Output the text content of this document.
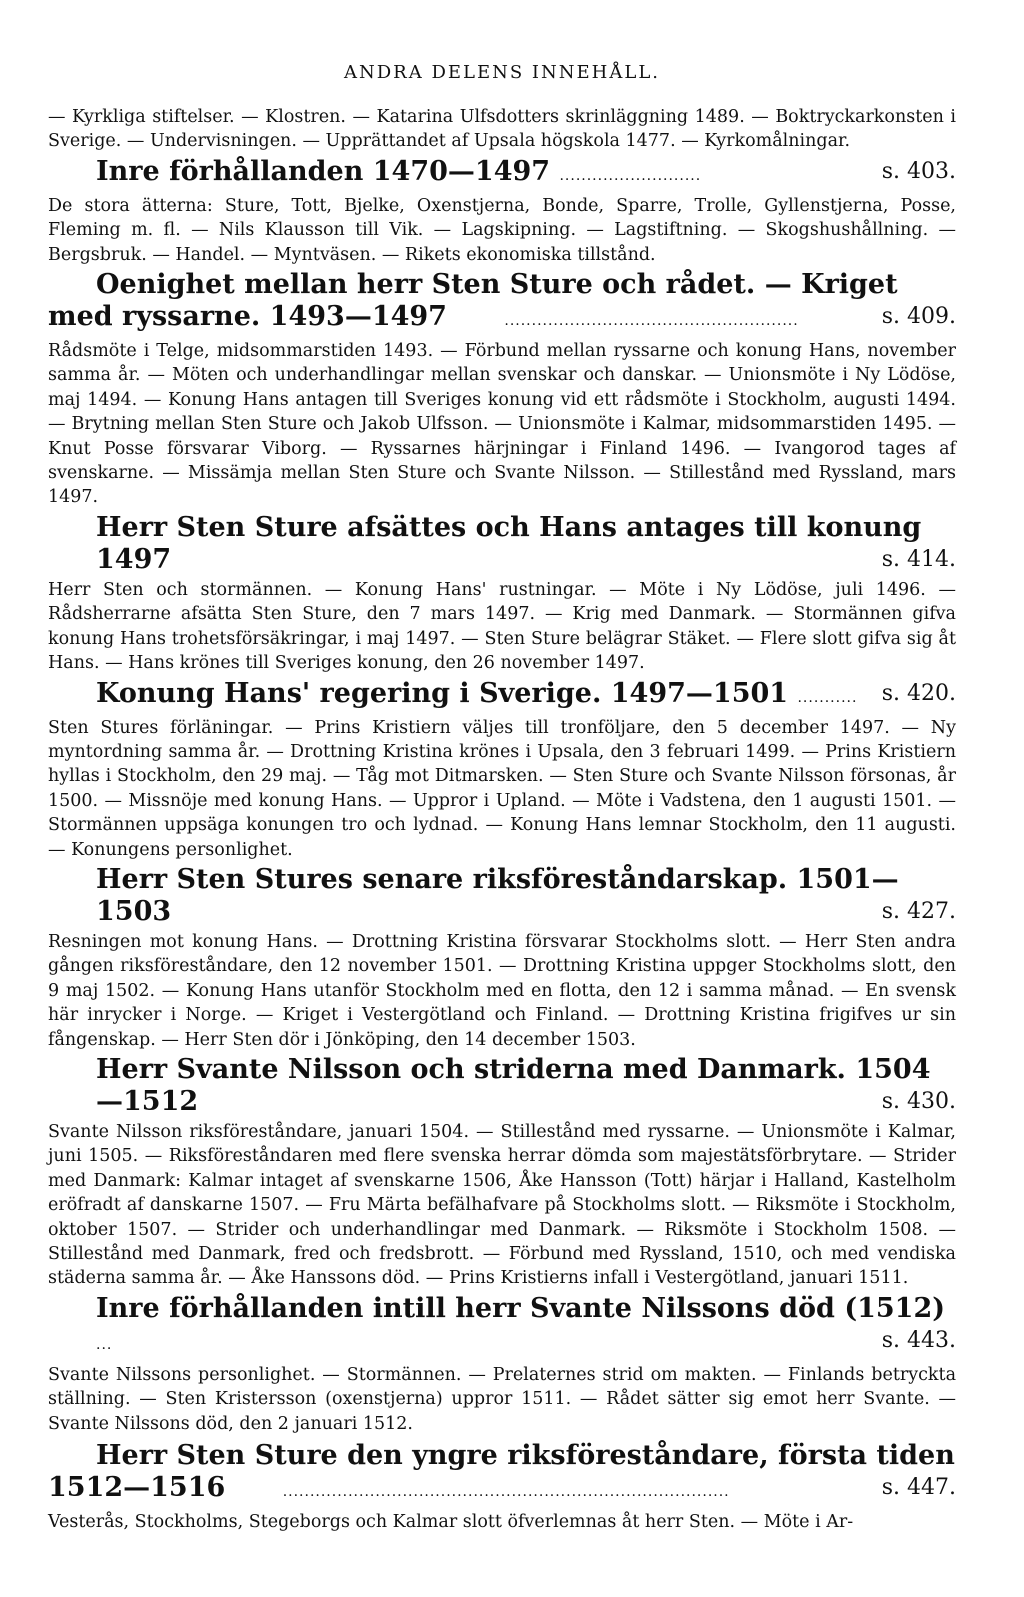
ANDRA DELENS INNEHÅLL.

— Kyrkliga stiftelser. — Klostren. — Katarina Ulfsdotters skrinläggning 1489. — Boktryckarkonsten i Sverige. — Undervisningen. — Upprättandet af Upsala högskola 1477. — Kyrkomålningar.

Inre förhållanden 1470—1497 ..........................	s. 403.

De stora ätterna: Sture, Tott, Bjelke, Oxenstjerna, Bonde, Sparre, Trolle, Gyllenstjerna, Posse, Fleming m. fl. — Nils Klausson till Vik. — Lagskipning. — Lagstiftning. — Skogshushållning. — Bergsbruk. — Handel. — Myntväsen. — Rikets ekonomiska tillstånd.

Oenighet mellan herr Sten Sture och rådet. — Kriget med ryssarne. 1493—1497	......................................................	s. 409.

Rådsmöte i Telge, midsommarstiden 1493. — Förbund mellan ryssarne och konung Hans, november samma år. — Möten och underhandlingar mellan svenskar och danskar. — Unionsmöte i Ny Lödöse, maj 1494. — Konung Hans antagen till Sveriges konung vid ett rådsmöte i Stockholm, augusti 1494. — Brytning mellan Sten Sture och Jakob Ulfsson. — Unionsmöte i Kalmar, midsommarstiden 1495. — Knut Posse försvarar Viborg. — Ryssarnes härjningar i Finland 1496. — Ivangorod tages af svenskarne. — Missämja mellan Sten Sture och Svante Nilsson. — Stillestånd med Ryssland, mars 1497.

Herr Sten Sture afsättes och Hans antages till konung 1497	s. 414.

Herr Sten och stormännen. — Konung Hans' rustningar. — Möte i Ny Lödöse, juli 1496. — Rådsherrarne afsätta Sten Sture, den 7 mars 1497. — Krig med Danmark. — Stormännen gifva konung Hans trohetsförsäkringar, i maj 1497. — Sten Sture belägrar Stäket. — Flere slott gifva sig åt Hans. — Hans krönes till Sveriges konung, den 26 november 1497.

Konung Hans' regering i Sverige. 1497—1501 ........... s. 420.

Sten Stures förläningar. — Prins Kristiern väljes till tronföljare, den 5 december 1497. — Ny myntordning samma år. — Drottning Kristina krönes i Upsala, den 3 februari 1499. — Prins Kristiern hyllas i Stockholm, den 29 maj. — Tåg mot Ditmarsken. — Sten Sture och Svante Nilsson försonas, år 1500. — Missnöje med konung Hans. — Uppror i Upland. — Möte i Vadstena, den 1 augusti 1501. — Stormännen uppsäga konungen tro och lydnad. — Konung Hans lemnar Stockholm, den 11 augusti. — Konungens personlighet.

Herr Sten Stures senare riksföreståndarskap. 1501—1503	s. 427.

Resningen mot konung Hans. — Drottning Kristina försvarar Stockholms slott. — Herr Sten andra gången riksföreståndare, den 12 november 1501. — Drottning Kristina uppger Stockholms slott, den 9 maj 1502. — Konung Hans utanför Stockholm med en flotta, den 12 i samma månad. — En svensk här inrycker i Norge. — Kriget i Vestergötland och Finland. — Drottning Kristina frigifves ur sin fångenskap. — Herr Sten dör i Jönköping, den 14 december 1503.

Herr Svante Nilsson och striderna med Danmark. 1504—1512	s. 430.

Svante Nilsson riksföreståndare, januari 1504. — Stillestånd med ryssarne. — Unionsmöte i Kalmar, juni 1505. — Riksföreståndaren med flere svenska herrar dömda som majestätsförbrytare. — Strider med Danmark: Kalmar intaget af svenskarne 1506, Åke Hansson (Tott) härjar i Halland, Kastelholm eröfradt af danskarne 1507. — Fru Märta befälhafvare på Stockholms slott. — Riksmöte i Stockholm, oktober 1507. — Strider och underhandlingar med Danmark. — Riksmöte i Stockholm 1508. — Stillestånd med Danmark, fred och fredsbrott. — Förbund med Ryssland, 1510, och med vendiska städerna samma år. — Åke Hanssons död. — Prins Kristierns infall i Vestergötland, januari 1511.

Inre förhållanden intill herr Svante Nilssons död (1512) ...	s. 443.

Svante Nilssons personlighet. — Stormännen. — Prelaternes strid om makten. — Finlands betryckta ställning. — Sten Kristersson (oxenstjerna) uppror 1511. — Rådet sätter sig emot herr Svante. — Svante Nilssons död, den 2 januari 1512.

Herr Sten Sture den yngre riksföreståndare, första tiden 1512—1516	..................................................................................	s. 447.

Vesterås, Stockholms, Stegeborgs och Kalmar slott öfverlemnas åt herr Sten. — Möte i Ar-
